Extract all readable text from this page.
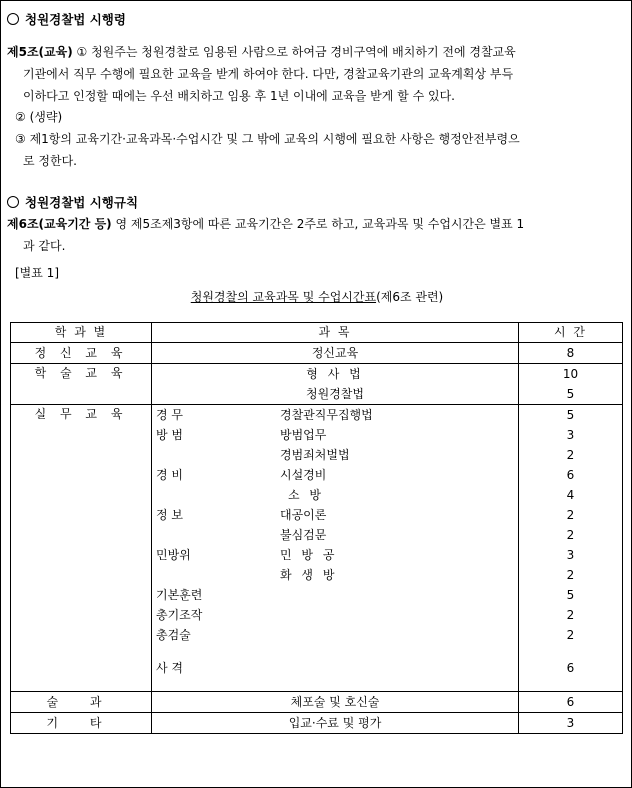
청원경찰법 시행령
제5조(교육) ① 청원주는 청원경찰로 임용된 사람으로 하여금 경비구역에 배치하기 전에 경찰교육
기관에서 직무 수행에 필요한 교육을 받게 하여야 한다. 다만, 경찰교육기관의 교육계획상 부득
이하다고 인정할 때에는 우선 배치하고 임용 후 1년 이내에 교육을 받게 할 수 있다.
② (생략)
③ 제1항의 교육기간·교육과목·수업시간 및 그 밖에 교육의 시행에 필요한 사항은 행정안전부령으
로 정한다.
청원경찰법 시행규칙
제6조(교육기간 등) 영 제5조제3항에 따른 교육기간은 2주로 하고, 교육과목 및 수업시간은 별표 1
과 같다.
[별표 1]
청원경찰의 교육과목 및 수업시간표(제6조 관련)
학 과 별	과 목	시 간
정 신 교 육	정신교육	8
학 술 교 육	형 사 법	10

	청원경찰법	5
실 무 교 육	경 무 경찰관직무집행법	5

	방 범 방범업무	3

	경범죄처벌법	2

	경 비 시설경비	6

	소 방	4

	정 보 대공이론	2

	불심검문	2

	민방위 민 방 공	3

	화 생 방	2

	기본훈련	5

	총기조작	2

	총검술	2

	사 격	6
술 과	체포술 및 호신술	6
기 타	입교·수료 및 평가	3
